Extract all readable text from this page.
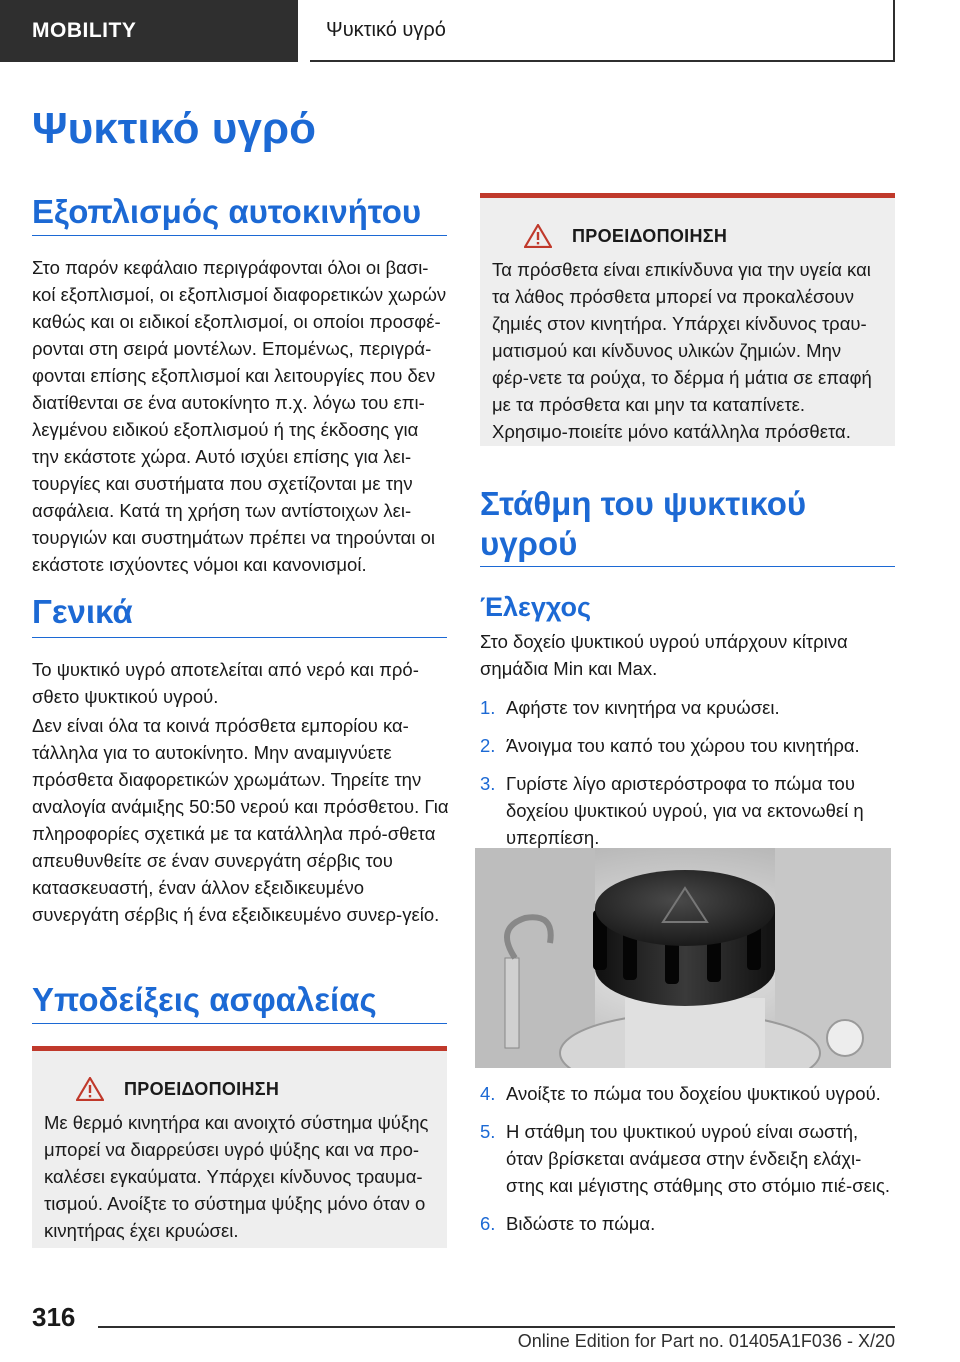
MOBILITY	Ψυκτικό υγρό
Ψυκτικό υγρό
Εξοπλισμός αυτοκινήτου

Στο παρόν κεφάλαιο περιγράφονται όλοι οι βασι-κοί εξοπλισμοί, οι εξοπλισμοί διαφορετικών χωρών καθώς και οι ειδικοί εξοπλισμοί, οι οποίοι προσφέ-ρονται στη σειρά μοντέλων. Επομένως, περιγρά-φονται επίσης εξοπλισμοί και λειτουργίες που δεν διατίθενται σε ένα αυτοκίνητο π.χ. λόγω του επι-λεγμένου ειδικού εξοπλισμού ή της έκδοσης για την εκάστοτε χώρα. Αυτό ισχύει επίσης για λει-τουργίες και συστήματα που σχετίζονται με την ασφάλεια. Κατά τη χρήση των αντίστοιχων λει-τουργιών και συστημάτων πρέπει να τηρούνται οι εκάστοτε ισχύοντες νόμοι και κανονισμοί.

Γενικά

Το ψυκτικό υγρό αποτελείται από νερό και πρό-σθετο ψυκτικού υγρού.

Δεν είναι όλα τα κοινά πρόσθετα εμπορίου κα-τάλληλα για το αυτοκίνητο. Μην αναμιγνύετε πρόσθετα διαφορετικών χρωμάτων. Τηρείτε την αναλογία ανάμιξης 50:50 νερού και πρόσθετου. Για πληροφορίες σχετικά με τα κατάλληλα πρό-σθετα απευθυνθείτε σε έναν συνεργάτη σέρβις του κατασκευαστή, έναν άλλον εξειδικευμένο συνεργάτη σέρβις ή ένα εξειδικευμένο συνερ-γείο.

Υποδείξεις ασφαλείας
ΠΡΟΕΙΔΟΠΟΙΗΣΗ

Με θερμό κινητήρα και ανοιχτό σύστημα ψύξης μπορεί να διαρρεύσει υγρό ψύξης και να προ-καλέσει εγκαύματα. Υπάρχει κίνδυνος τραυμα-τισμού. Ανοίξτε το σύστημα ψύξης μόνο όταν ο κινητήρας έχει κρυώσει.

ΠΡΟΕΙΔΟΠΟΙΗΣΗ

Τα πρόσθετα είναι επικίνδυνα για την υγεία και τα λάθος πρόσθετα μπορεί να προκαλέσουν ζημιές στον κινητήρα. Υπάρχει κίνδυνος τραυ-ματισμού και κίνδυνος υλικών ζημιών. Μην φέρ-νετε τα ρούχα, το δέρμα ή μάτια σε επαφή με τα πρόσθετα και μην τα καταπίνετε. Χρησιμο-ποιείτε μόνο κατάλληλα πρόσθετα.

Στάθμη του ψυκτικού υγρού
Έλεγχος

Στο δοχείο ψυκτικού υγρού υπάρχουν κίτρινα σημάδια Min και Max.

1. Αφήστε τον κινητήρα να κρυώσει.
2. Άνοιγμα του καπό του χώρου του κινητήρα.
3. Γυρίστε λίγο αριστερόστροφα το πώμα του δοχείου ψυκτικού υγρού, για να εκτονωθεί η υπερπίεση.
4. Ανοίξτε το πώμα του δοχείου ψυκτικού υγρού.
5. Η στάθμη του ψυκτικού υγρού είναι σωστή, όταν βρίσκεται ανάμεσα στην ένδειξη ελάχι-στης και μέγιστης στάθμης στο στόμιο πιέ-σεις.
6. Βιδώστε το πώμα.
316
Online Edition for Part no. 01405A1F036 - X/20
